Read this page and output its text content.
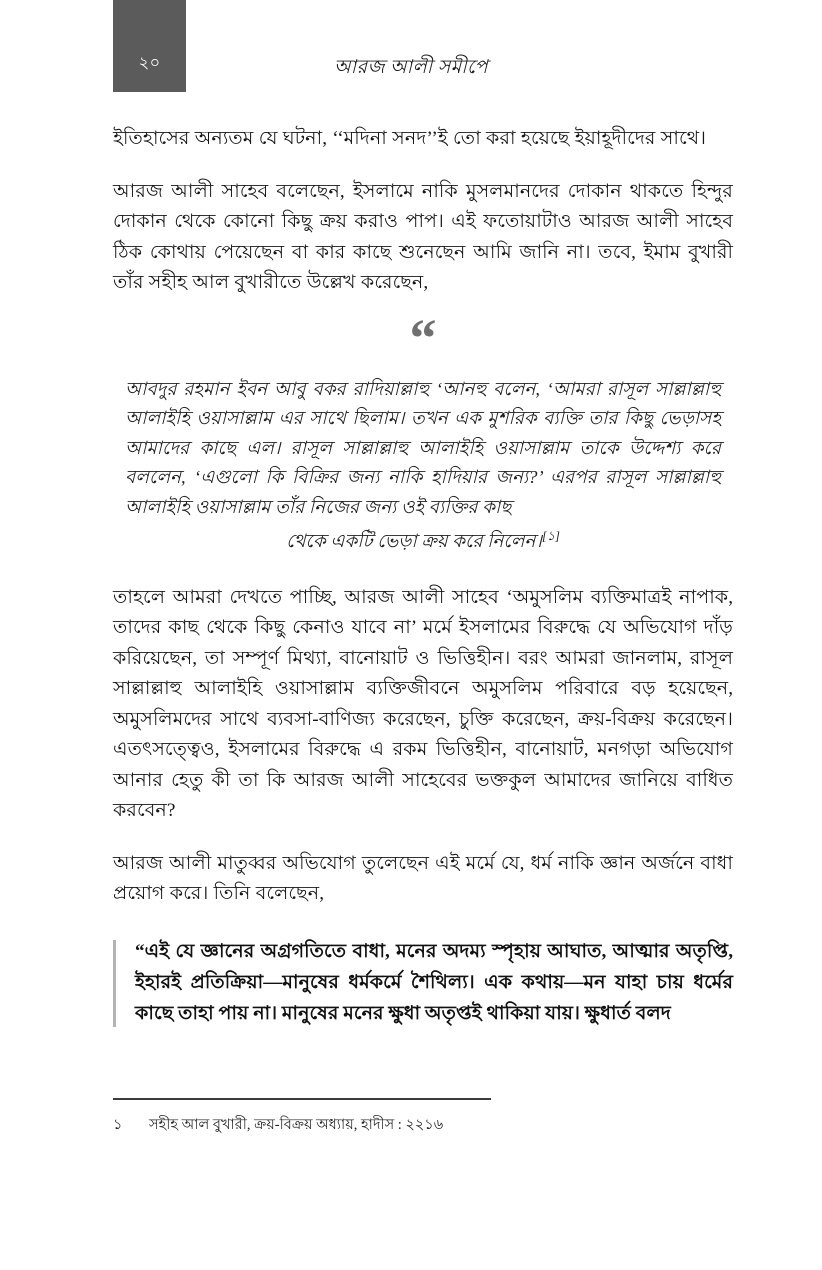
২০	আরজ আলী সমীপে

ইতিহাসের অন্যতম যে ঘটনা, ‘‘মদিনা সনদ’’ই তো করা হয়েছে ইয়াহূদীদের সাথে।

আরজ আলী সাহেব বলেছেন, ইসলামে নাকি মুসলমানদের দোকান থাকতে হিন্দুর দোকান থেকে কোনো কিছু ক্রয় করাও পাপ। এই ফতোয়াটাও আরজ আলী সাহেব ঠিক কোথায় পেয়েছেন বা কার কাছে শুনেছেন আমি জানি না। তবে, ইমাম বুখারী তাঁর সহীহ আল বুখারীতে উল্লেখ করেছেন,

“

আবদুর রহমান ইবন আবু বকর রাদিয়াল্লাহু ‘আনহু বলেন, ‘আমরা রাসূল সাল্লাল্লাহু আলাইহি ওয়াসাল্লাম এর সাথে ছিলাম। তখন এক মুশরিক ব্যক্তি তার কিছু ভেড়াসহ আমাদের কাছে এল। রাসূল সাল্লাল্লাহু আলাইহি ওয়াসাল্লাম তাকে উদ্দেশ্য করে বললেন, ‘এগুলো কি বিক্রির জন্য নাকি হাদিয়ার জন্য?’ এরপর রাসূল সাল্লাল্লাহু আলাইহি ওয়াসাল্লাম তাঁর নিজের জন্য ওই ব্যক্তির কাছ
থেকে একটি ভেড়া ক্রয় করে নিলেন।[১]

তাহলে আমরা দেখতে পাচ্ছি, আরজ আলী সাহেব ‘অমুসলিম ব্যক্তিমাত্রই নাপাক, তাদের কাছ থেকে কিছু কেনাও যাবে না’ মর্মে ইসলামের বিরুদ্ধে যে অভিযোগ দাঁড় করিয়েছেন, তা সম্পূর্ণ মিথ্যা, বানোয়াট ও ভিত্তিহীন। বরং আমরা জানলাম, রাসূল সাল্লাল্লাহু আলাইহি ওয়াসাল্লাম ব্যক্তিজীবনে অমুসলিম পরিবারে বড় হয়েছেন, অমুসলিমদের সাথে ব্যবসা-বাণিজ্য করেছেন, চুক্তি করেছেন, ক্রয়-বিক্রয় করেছেন। এতৎসত্ত্বেও, ইসলামের বিরুদ্ধে এ রকম ভিত্তিহীন, বানোয়াট, মনগড়া অভিযোগ আনার হেতু কী তা কি আরজ আলী সাহেবের ভক্তকুল আমাদের জানিয়ে বাধিত করবেন?

আরজ আলী মাতুব্বর অভিযোগ তুলেছেন এই মর্মে যে, ধর্ম নাকি জ্ঞান অর্জনে বাধা প্রয়োগ করে। তিনি বলেছেন,

“এই যে জ্ঞানের অগ্রগতিতে বাধা, মনের অদম্য স্পৃহায় আঘাত, আত্মার অতৃপ্তি, ইহারই প্রতিক্রিয়া—মানুষের ধর্মকর্মে শৈথিল্য। এক কথায়—মন যাহা চায় ধর্মের কাছে তাহা পায় না। মানুষের মনের ক্ষুধা অতৃপ্তই থাকিয়া যায়। ক্ষুধার্ত বলদ

১	সহীহ আল বুখারী, ক্রয়-বিক্রয় অধ্যায়, হাদীস : ২২১৬
